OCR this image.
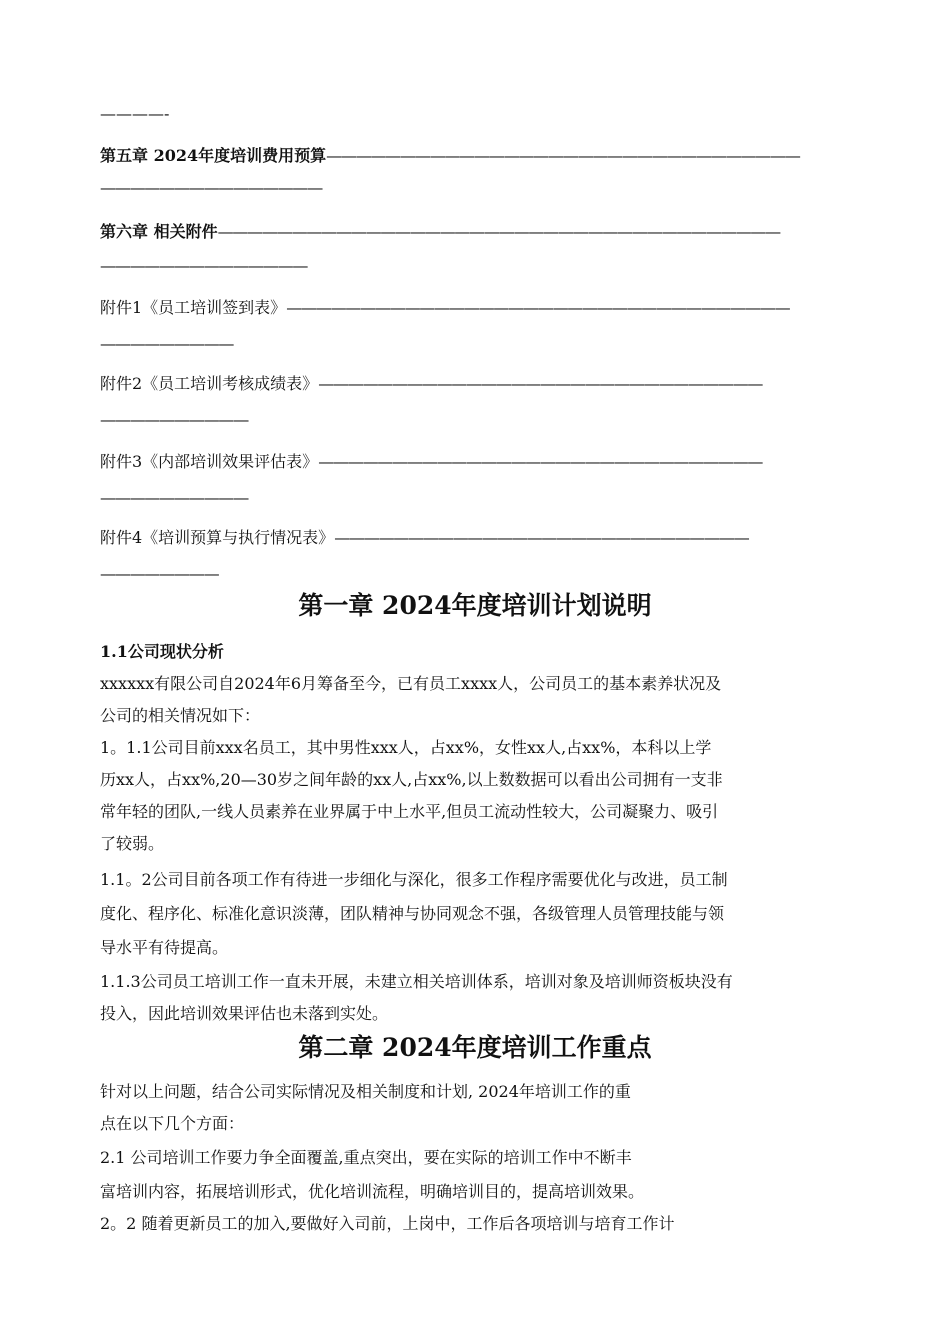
————-
第五章 2024年度培训费用预算————————————————————————————————
———————————————
第六章 相关附件——————————————————————————————————————
——————————————
附件1《员工培训签到表》——————————————————————————————————
—————————
附件2《员工培训考核成绩表》——————————————————————————————
——————————
附件3《内部培训效果评估表》——————————————————————————————
——————————
附件4《培训预算与执行情况表》————————————————————————————
————————
第一章 2024年度培训计划说明
1.1公司现状分析
xxxxxx有限公司自2024年6月筹备至今，已有员工xxxx人，公司员工的基本素养状况及
公司的相关情况如下：
1。1.1公司目前xxx名员工，其中男性xxx人，占xx%，女性xx人,占xx%，本科以上学
历xx人，占xx%,20—30岁之间年龄的xx人,占xx%,以上数数据可以看出公司拥有一支非
常年轻的团队,一线人员素养在业界属于中上水平,但员工流动性较大，公司凝聚力、吸引
了较弱。
1.1。2公司目前各项工作有待进一步细化与深化，很多工作程序需要优化与改进，员工制
度化、程序化、标准化意识淡薄，团队精神与协同观念不强，各级管理人员管理技能与领
导水平有待提高。
1.1.3公司员工培训工作一直未开展，未建立相关培训体系，培训对象及培训师资板块没有
投入，因此培训效果评估也未落到实处。
第二章 2024年度培训工作重点
针对以上问题，结合公司实际情况及相关制度和计划, 2024年培训工作的重
点在以下几个方面：
2.1 公司培训工作要力争全面覆盖,重点突出，要在实际的培训工作中不断丰
富培训内容，拓展培训形式，优化培训流程，明确培训目的，提高培训效果。
2。2 随着更新员工的加入,要做好入司前，上岗中，工作后各项培训与培育工作计
